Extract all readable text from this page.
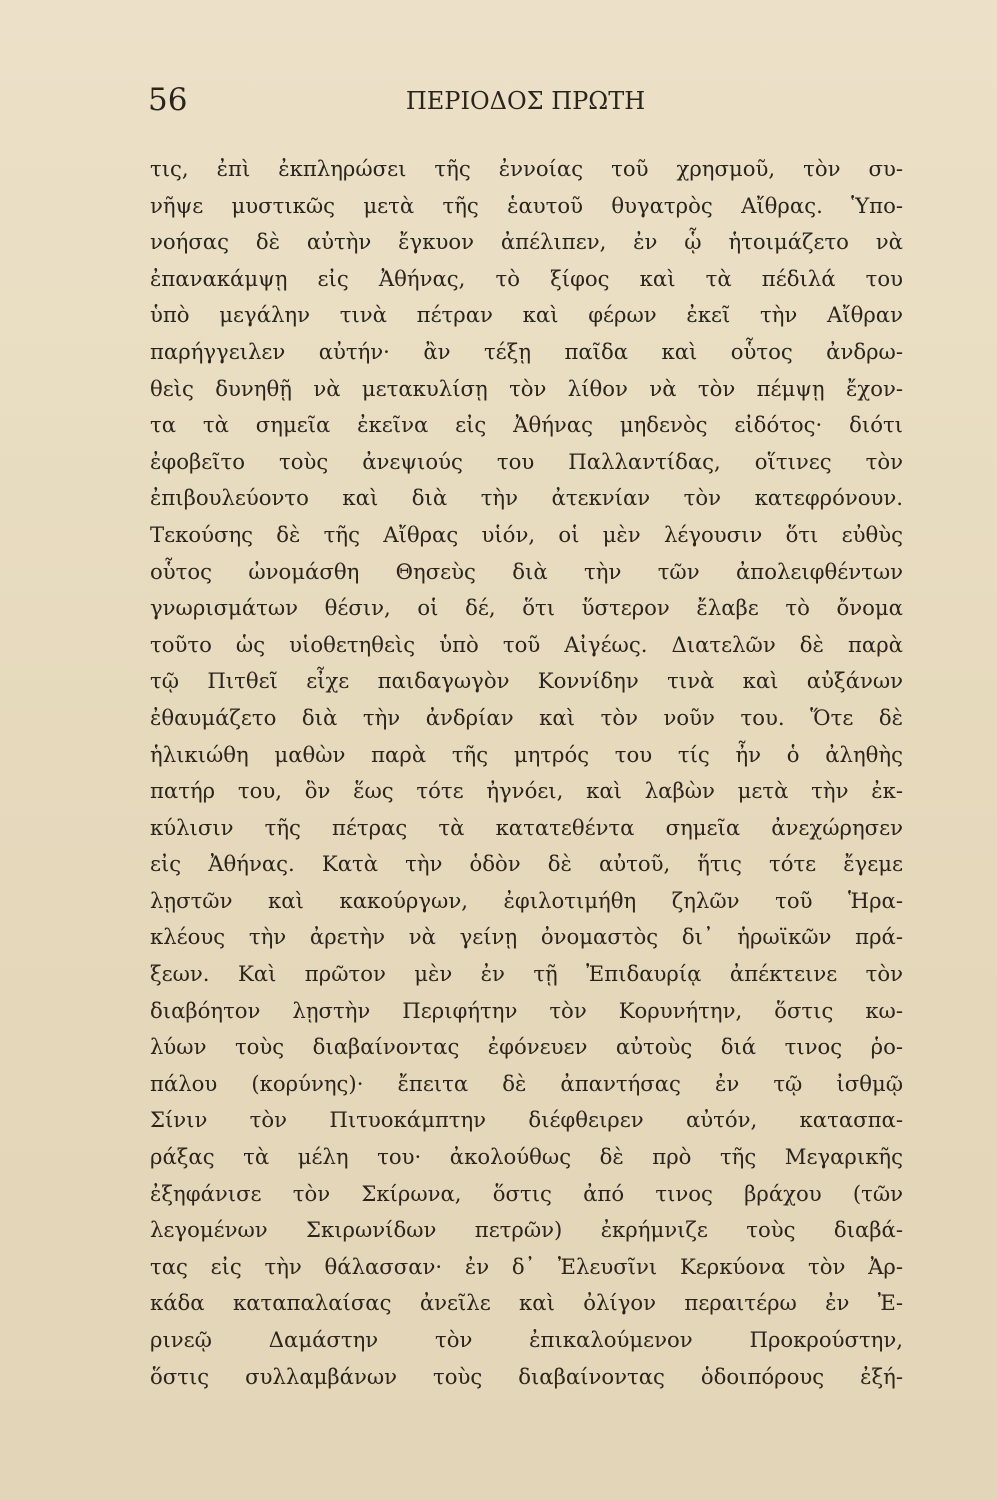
56	ΠΕΡΙΟΔΟΣ ΠΡΩΤΗ
τις, ἐπὶ ἐκπληρώσει τῆς ἐννοίας τοῦ χρησμοῦ, τὸν συ-
νῆψε μυστικῶς μετὰ τῆς ἑαυτοῦ θυγατρὸς Αἴθρας. Ὑπο-
νοήσας δὲ αὐτὴν ἔγκυον ἀπέλιπεν, ἐν ᾧ ἡτοιμάζετο νὰ
ἐπανακάμψῃ εἰς Ἀθήνας, τὸ ξίφος καὶ τὰ πέδιλά του
ὑπὸ μεγάλην τινὰ πέτραν καὶ φέρων ἐκεῖ τὴν Αἴθραν
παρήγγειλεν αὐτήν· ἂν τέξῃ παῖδα καὶ οὗτος ἀνδρω-
θεὶς δυνηθῇ νὰ μετακυλίσῃ τὸν λίθον νὰ τὸν πέμψῃ ἔχον-
τα τὰ σημεῖα ἐκεῖνα εἰς Ἀθήνας μηδενὸς εἰδότος· διότι
ἐφοβεῖτο τοὺς ἀνεψιούς του Παλλαντίδας, οἵτινες τὸν
ἐπιβουλεύοντο καὶ διὰ τὴν ἀτεκνίαν τὸν κατεφρόνουν.
Τεκούσης δὲ τῆς Αἴθρας υἱόν, οἱ μὲν λέγουσιν ὅτι εὐθὺς
οὗτος ὠνομάσθη Θησεὺς διὰ τὴν τῶν ἀπολειφθέντων
γνωρισμάτων θέσιν, οἱ δέ, ὅτι ὕστερον ἔλαβε τὸ ὄνομα
τοῦτο ὡς υἱοθετηθεὶς ὑπὸ τοῦ Αἰγέως. Διατελῶν δὲ παρὰ
τῷ Πιτθεῖ εἶχε παιδαγωγὸν Κοννίδην τινὰ καὶ αὐξάνων
ἐθαυμάζετο διὰ τὴν ἀνδρίαν καὶ τὸν νοῦν του. Ὅτε δὲ
ἡλικιώθη μαθὼν παρὰ τῆς μητρός του τίς ἦν ὁ ἀληθὴς
πατήρ του, ὃν ἕως τότε ἠγνόει, καὶ λαβὼν μετὰ τὴν ἐκ-
κύλισιν τῆς πέτρας τὰ κατατεθέντα σημεῖα ἀνεχώρησεν
εἰς Ἀθήνας. Κατὰ τὴν ὁδὸν δὲ αὐτοῦ, ἥτις τότε ἔγεμε
λῃστῶν καὶ κακούργων, ἐφιλοτιμήθη ζηλῶν τοῦ Ἡρα-
κλέους τὴν ἀρετὴν νὰ γείνῃ ὀνομαστὸς δι᾽ ἡρωϊκῶν πρά-
ξεων. Καὶ πρῶτον μὲν ἐν τῇ Ἐπιδαυρίᾳ ἀπέκτεινε τὸν
διαβόητον λῃστὴν Περιφήτην τὸν Κορυνήτην, ὅστις κω-
λύων τοὺς διαβαίνοντας ἐφόνευεν αὐτοὺς διά τινος ῥο-
πάλου (κορύνης)· ἔπειτα δὲ ἀπαντήσας ἐν τῷ ἰσθμῷ
Σίνιν τὸν Πιτυοκάμπτην διέφθειρεν αὐτόν, κατασπα-
ράξας τὰ μέλη του· ἀκολούθως δὲ πρὸ τῆς Μεγαρικῆς
ἐξηφάνισε τὸν Σκίρωνα, ὅστις ἀπό τινος βράχου (τῶν
λεγομένων Σκιρωνίδων πετρῶν) ἐκρήμνιζε τοὺς διαβά-
τας εἰς τὴν θάλασσαν· ἐν δ᾽ Ἐλευσῖνι Κερκύονα τὸν Ἀρ-
κάδα καταπαλαίσας ἀνεῖλε καὶ ὀλίγον περαιτέρω ἐν Ἐ-
ρινεῷ Δαμάστην τὸν ἐπικαλούμενον Προκρούστην,
ὅστις συλλαμβάνων τοὺς διαβαίνοντας ὁδοιπόρους ἐξή-
